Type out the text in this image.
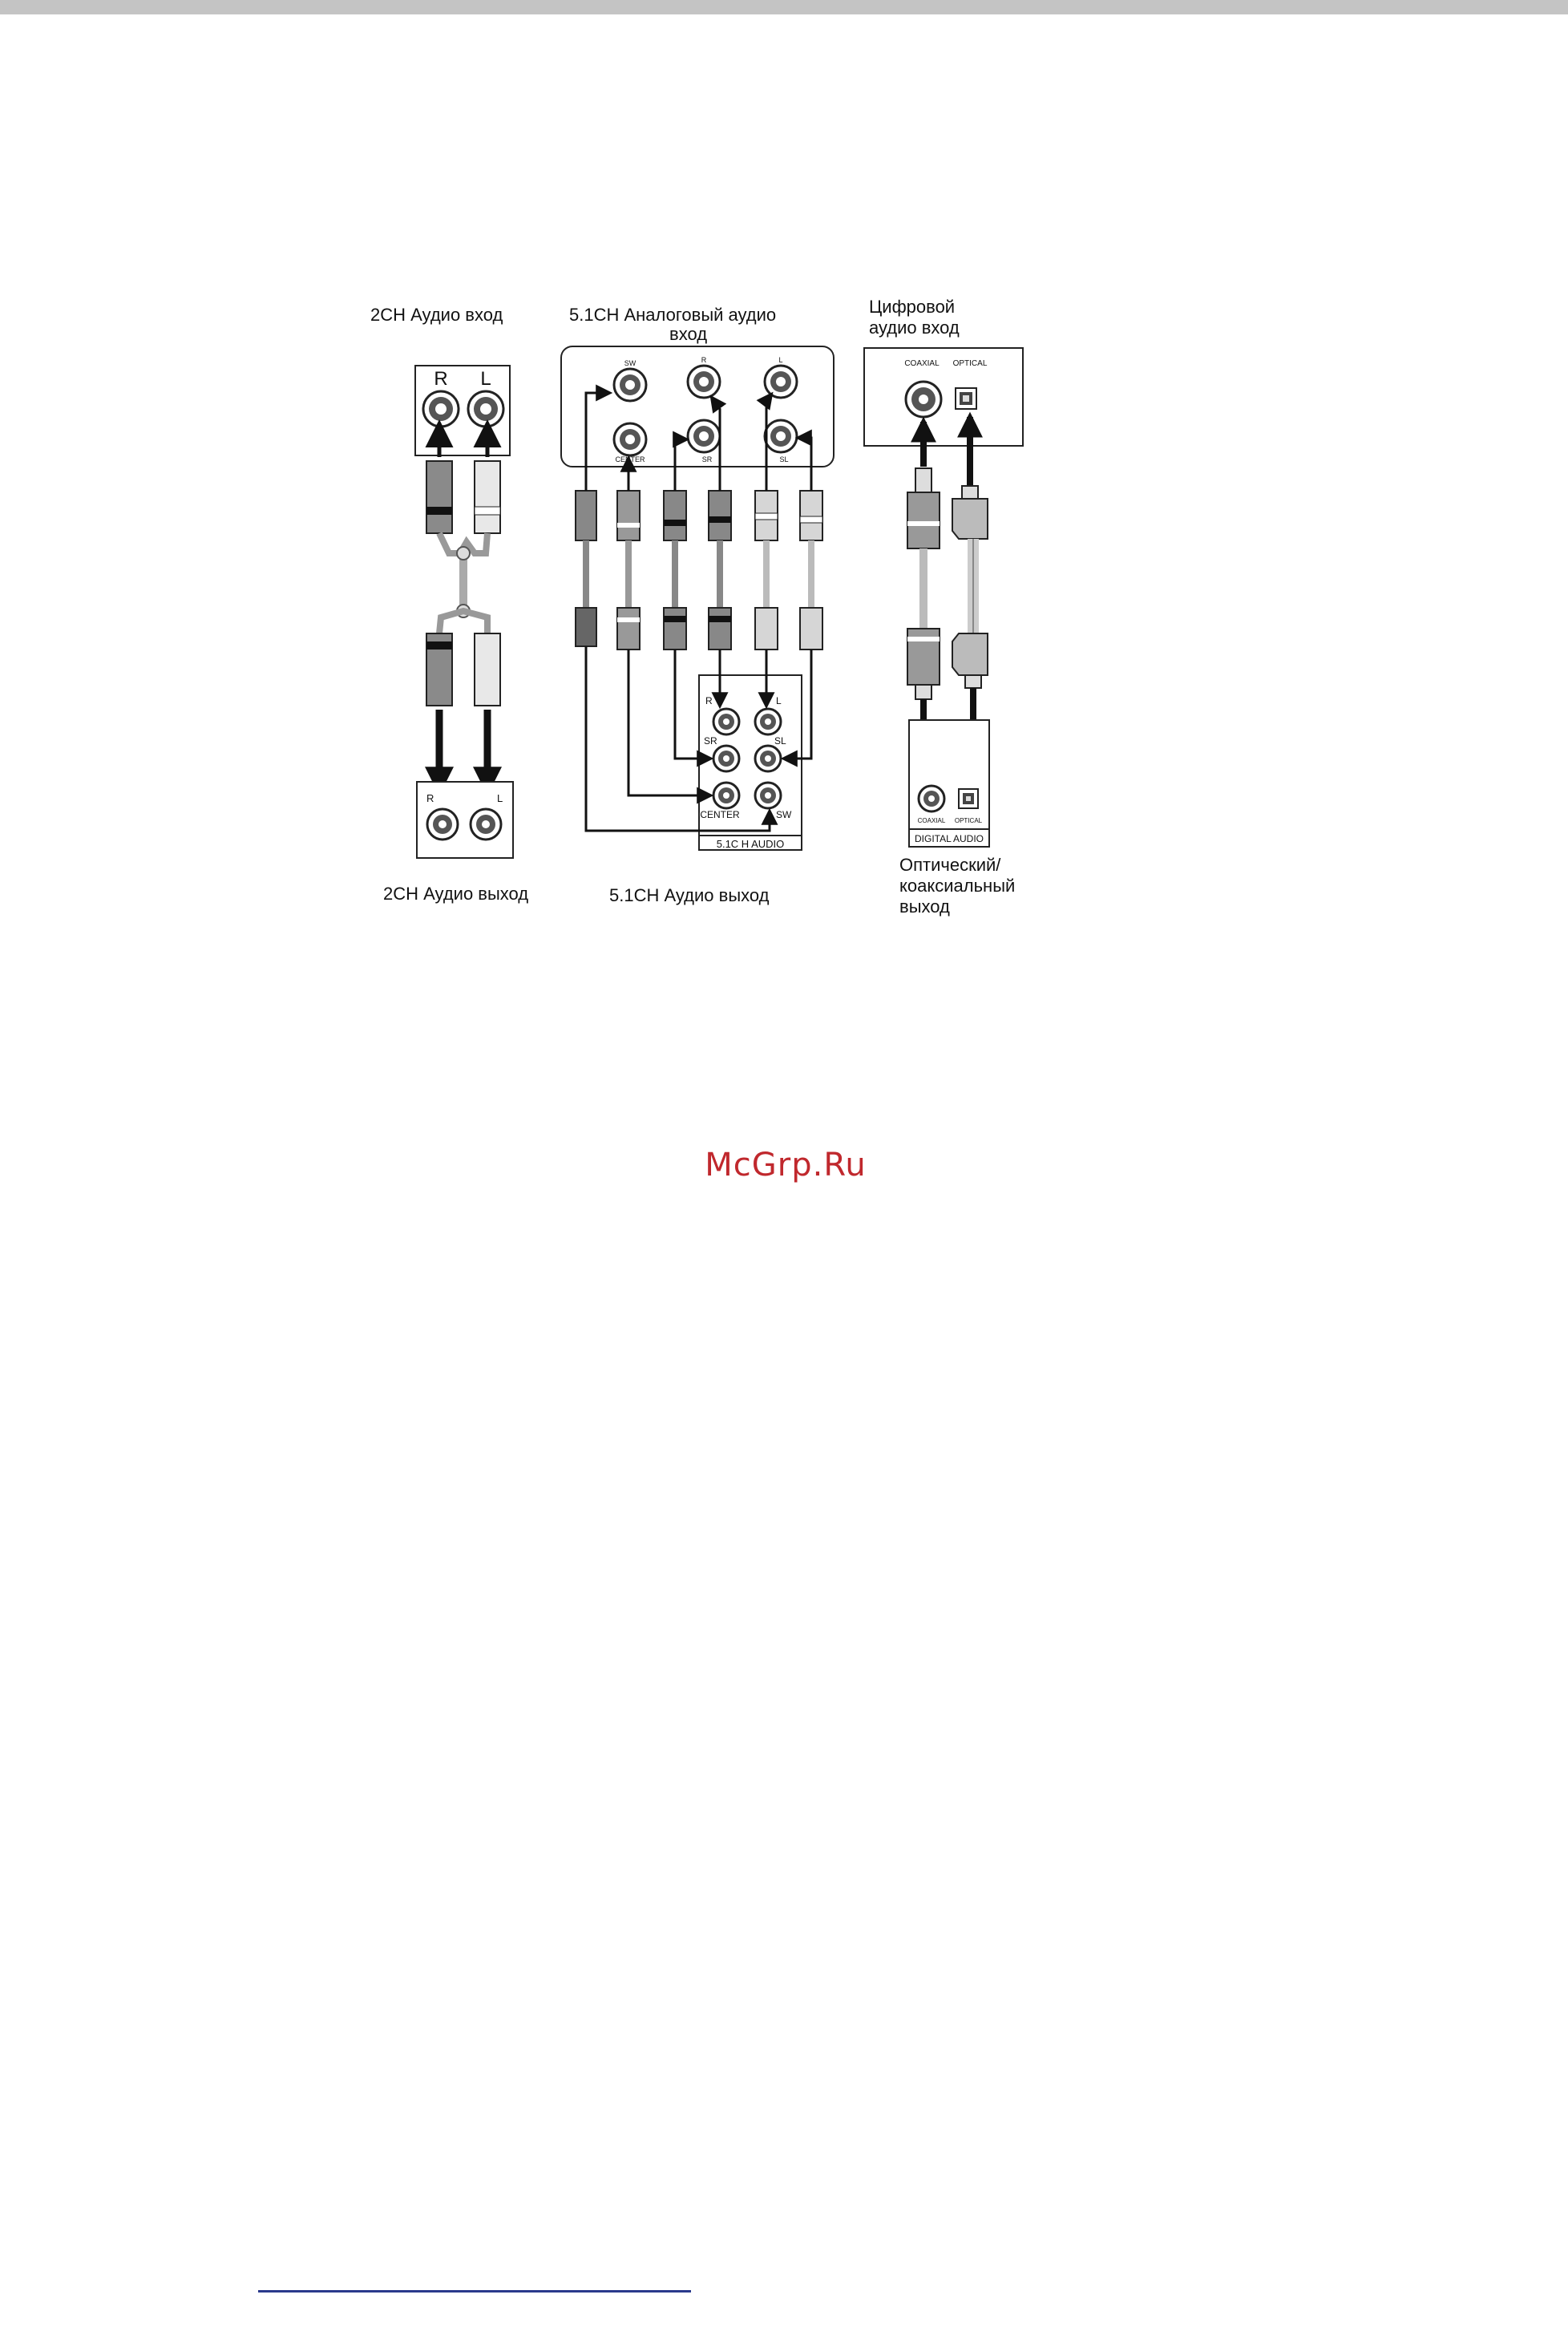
2CH Аудио вход
R L
R	L
2CH Аудио выход
5.1CH Аналоговый аудио
вход
SW	R	L
CENTER	SR	SL
R	L
SR	SL
CENTER	SW
5.1C H AUDIO
5.1CH Аудио выход
Цифровой
аудио вход
COAXIAL OPTICAL
COAXIAL OPTICAL
DIGITAL AUDIO
Оптический/
коаксиальный
выход
McGrp.Ru
